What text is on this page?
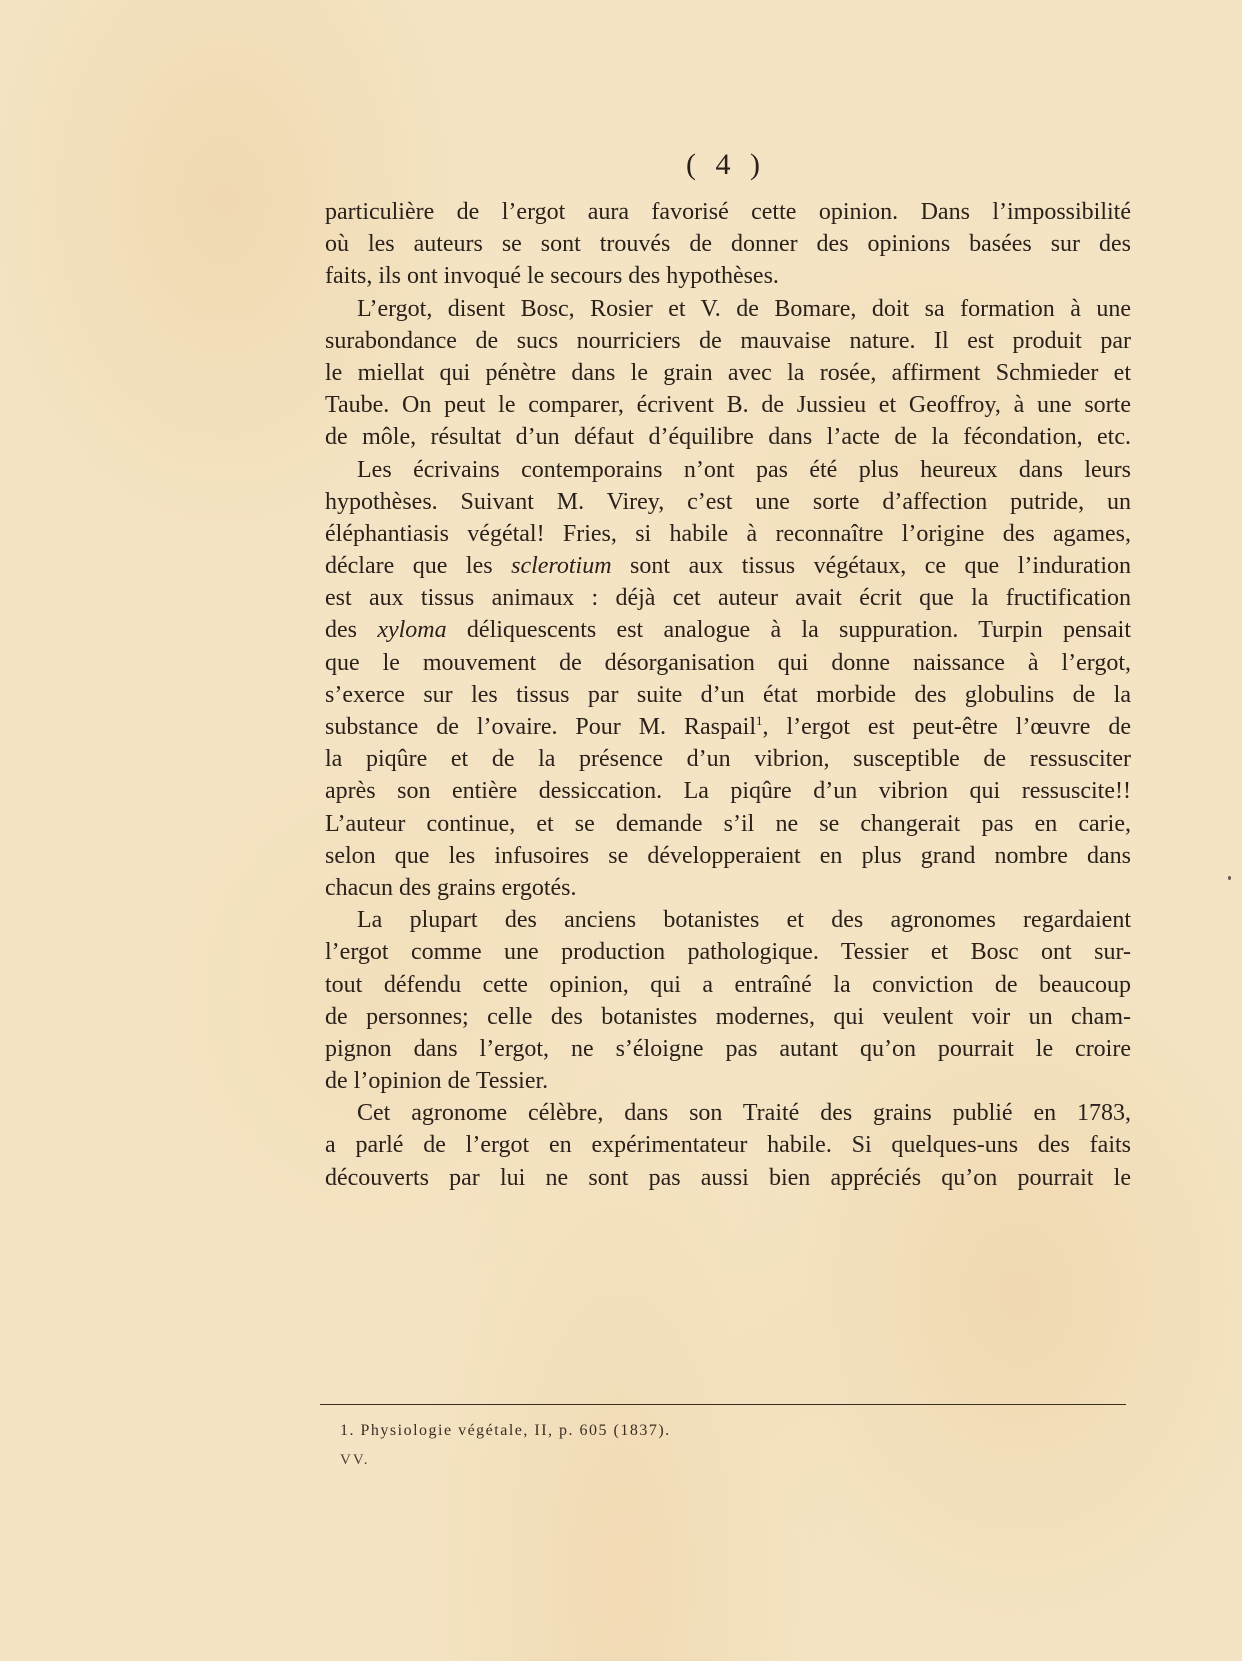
( 4 )
particulière de l’ergot aura favorisé cette opinion. Dans l’impossibilité
où les auteurs se sont trouvés de donner des opinions basées sur des
faits, ils ont invoqué le secours des hypothèses.
L’ergot, disent Bosc, Rosier et V. de Bomare, doit sa formation à une
surabondance de sucs nourriciers de mauvaise nature. Il est produit par
le miellat qui pénètre dans le grain avec la rosée, affirment Schmieder et
Taube. On peut le comparer, écrivent B. de Jussieu et Geoffroy, à une sorte
de môle, résultat d’un défaut d’équilibre dans l’acte de la fécondation, etc.
Les écrivains contemporains n’ont pas été plus heureux dans leurs
hypothèses. Suivant M. Virey, c’est une sorte d’affection putride, un
éléphantiasis végétal! Fries, si habile à reconnaître l’origine des agames,
déclare que les sclerotium sont aux tissus végétaux, ce que l’induration
est aux tissus animaux : déjà cet auteur avait écrit que la fructification
des xyloma déliquescents est analogue à la suppuration. Turpin pensait
que le mouvement de désorganisation qui donne naissance à l’ergot,
s’exerce sur les tissus par suite d’un état morbide des globulins de la
substance de l’ovaire. Pour M. Raspail$^1$, l’ergot est peut-être l’œuvre de
la piqûre et de la présence d’un vibrion, susceptible de ressusciter
après son entière dessiccation. La piqûre d’un vibrion qui ressuscite!!
L’auteur continue, et se demande s’il ne se changerait pas en carie,
selon que les infusoires se développeraient en plus grand nombre dans
chacun des grains ergotés.
La plupart des anciens botanistes et des agronomes regardaient
l’ergot comme une production pathologique. Tessier et Bosc ont sur-
tout défendu cette opinion, qui a entraîné la conviction de beaucoup
de personnes; celle des botanistes modernes, qui veulent voir un cham-
pignon dans l’ergot, ne s’éloigne pas autant qu’on pourrait le croire
de l’opinion de Tessier.
Cet agronome célèbre, dans son Traité des grains publié en 1783,
a parlé de l’ergot en expérimentateur habile. Si quelques-uns des faits
découverts par lui ne sont pas aussi bien appréciés qu’on pourrait le
1. Physiologie végétale, II, p. 605 (1837).
VV.
